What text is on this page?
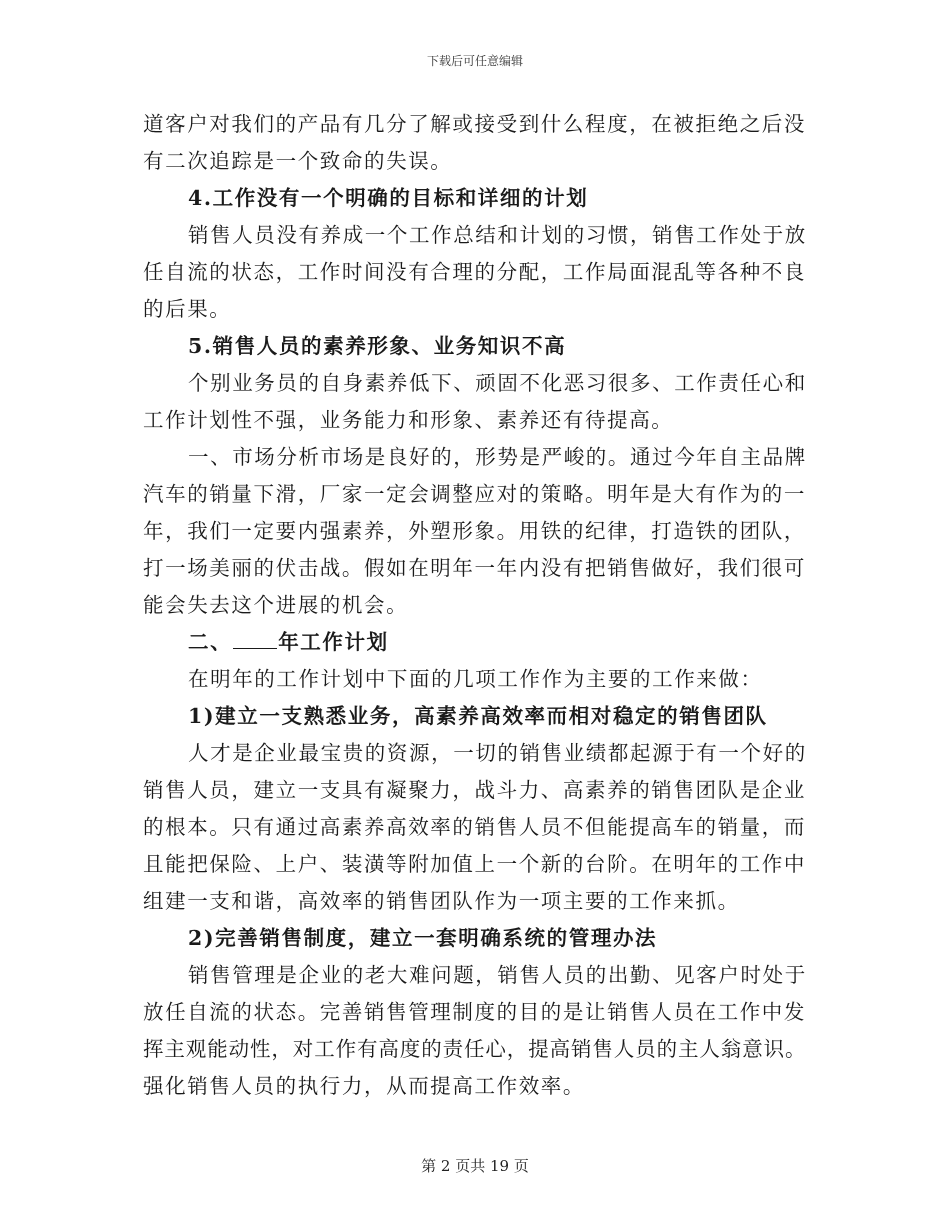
下载后可任意编辑
道客户对我们的产品有几分了解或接受到什么程度，在被拒绝之后没
有二次追踪是一个致命的失误。
4.工作没有一个明确的目标和详细的计划
销售人员没有养成一个工作总结和计划的习惯，销售工作处于放
任自流的状态，工作时间没有合理的分配，工作局面混乱等各种不良
的后果。
5.销售人员的素养形象、业务知识不高
个别业务员的自身素养低下、顽固不化恶习很多、工作责任心和
工作计划性不强，业务能力和形象、素养还有待提高。
一、市场分析市场是良好的，形势是严峻的。通过今年自主品牌
汽车的销量下滑，厂家一定会调整应对的策略。明年是大有作为的一
年，我们一定要内强素养，外塑形象。用铁的纪律，打造铁的团队，
打一场美丽的伏击战。假如在明年一年内没有把销售做好，我们很可
能会失去这个进展的机会。
二、 年工作计划
在明年的工作计划中下面的几项工作作为主要的工作来做：
1)建立一支熟悉业务，高素养高效率而相对稳定的销售团队
人才是企业最宝贵的资源，一切的销售业绩都起源于有一个好的
销售人员，建立一支具有凝聚力，战斗力、高素养的销售团队是企业
的根本。只有通过高素养高效率的销售人员不但能提高车的销量，而
且能把保险、上户、装潢等附加值上一个新的台阶。在明年的工作中
组建一支和谐，高效率的销售团队作为一项主要的工作来抓。
2)完善销售制度，建立一套明确系统的管理办法
销售管理是企业的老大难问题，销售人员的出勤、见客户时处于
放任自流的状态。完善销售管理制度的目的是让销售人员在工作中发
挥主观能动性，对工作有高度的责任心，提高销售人员的主人翁意识。
强化销售人员的执行力，从而提高工作效率。
第 2 页共 19 页
